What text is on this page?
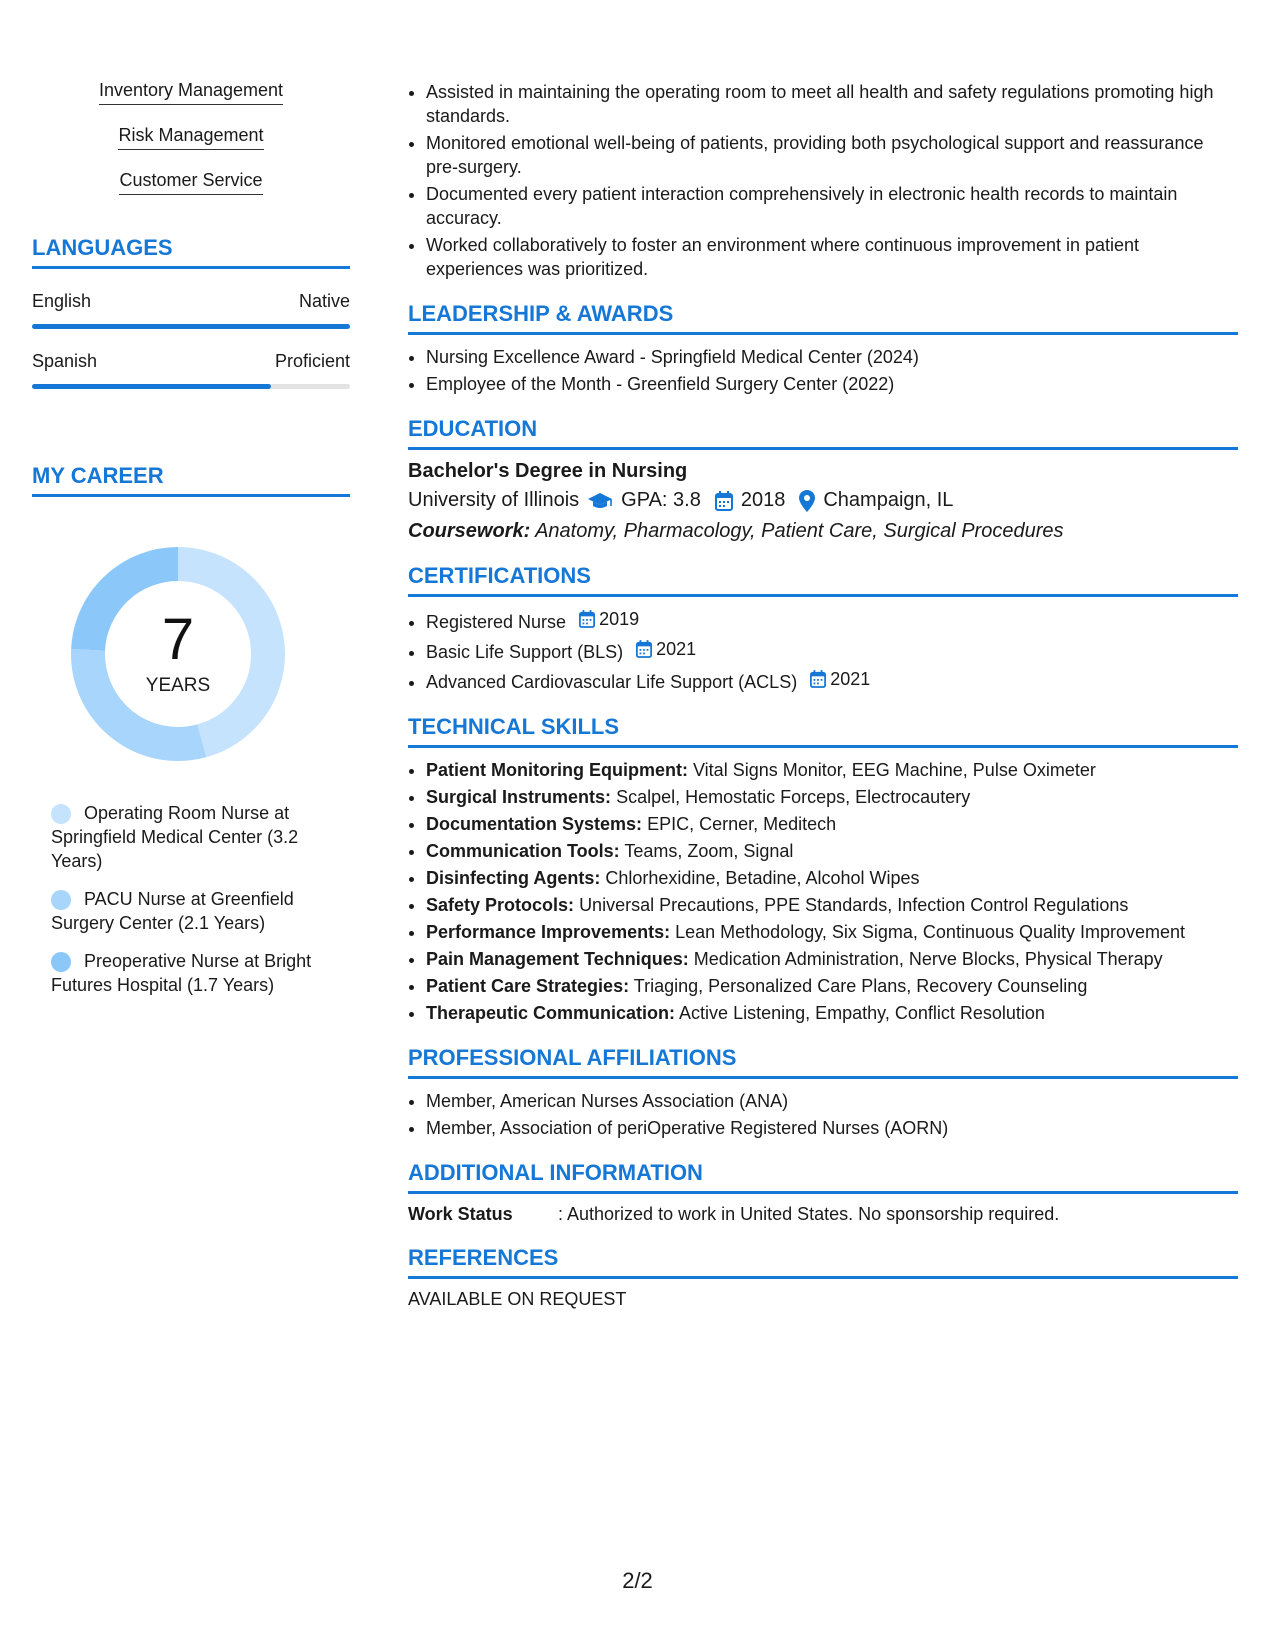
Inventory Management
Risk Management
Customer Service
LANGUAGES
English	Native
Spanish	Proficient
MY CAREER
7
YEARS
Operating Room Nurse at Springfield Medical Center (3.2 Years)
PACU Nurse at Greenfield Surgery Center (2.1 Years)
Preoperative Nurse at Bright Futures Hospital (1.7 Years)
• Assisted in maintaining the operating room to meet all health and safety regulations promoting high standards.
• Monitored emotional well-being of patients, providing both psychological support and reassurance pre-surgery.
• Documented every patient interaction comprehensively in electronic health records to maintain accuracy.
• Worked collaboratively to foster an environment where continuous improvement in patient experiences was prioritized.
LEADERSHIP & AWARDS
• Nursing Excellence Award - Springfield Medical Center (2024)
• Employee of the Month - Greenfield Surgery Center (2022)
EDUCATION
Bachelor's Degree in Nursing
University of Illinois GPA: 3.8 2018 Champaign, IL
Coursework: Anatomy, Pharmacology, Patient Care, Surgical Procedures
CERTIFICATIONS
• Registered Nurse 2019
• Basic Life Support (BLS) 2021
• Advanced Cardiovascular Life Support (ACLS) 2021
TECHNICAL SKILLS
• Patient Monitoring Equipment: Vital Signs Monitor, EEG Machine, Pulse Oximeter
• Surgical Instruments: Scalpel, Hemostatic Forceps, Electrocautery
• Documentation Systems: EPIC, Cerner, Meditech
• Communication Tools: Teams, Zoom, Signal
• Disinfecting Agents: Chlorhexidine, Betadine, Alcohol Wipes
• Safety Protocols: Universal Precautions, PPE Standards, Infection Control Regulations
• Performance Improvements: Lean Methodology, Six Sigma, Continuous Quality Improvement
• Pain Management Techniques: Medication Administration, Nerve Blocks, Physical Therapy
• Patient Care Strategies: Triaging, Personalized Care Plans, Recovery Counseling
• Therapeutic Communication: Active Listening, Empathy, Conflict Resolution
PROFESSIONAL AFFILIATIONS
• Member, American Nurses Association (ANA)
• Member, Association of periOperative Registered Nurses (AORN)
ADDITIONAL INFORMATION
Work Status	: Authorized to work in United States. No sponsorship required.
REFERENCES
AVAILABLE ON REQUEST
2/2
